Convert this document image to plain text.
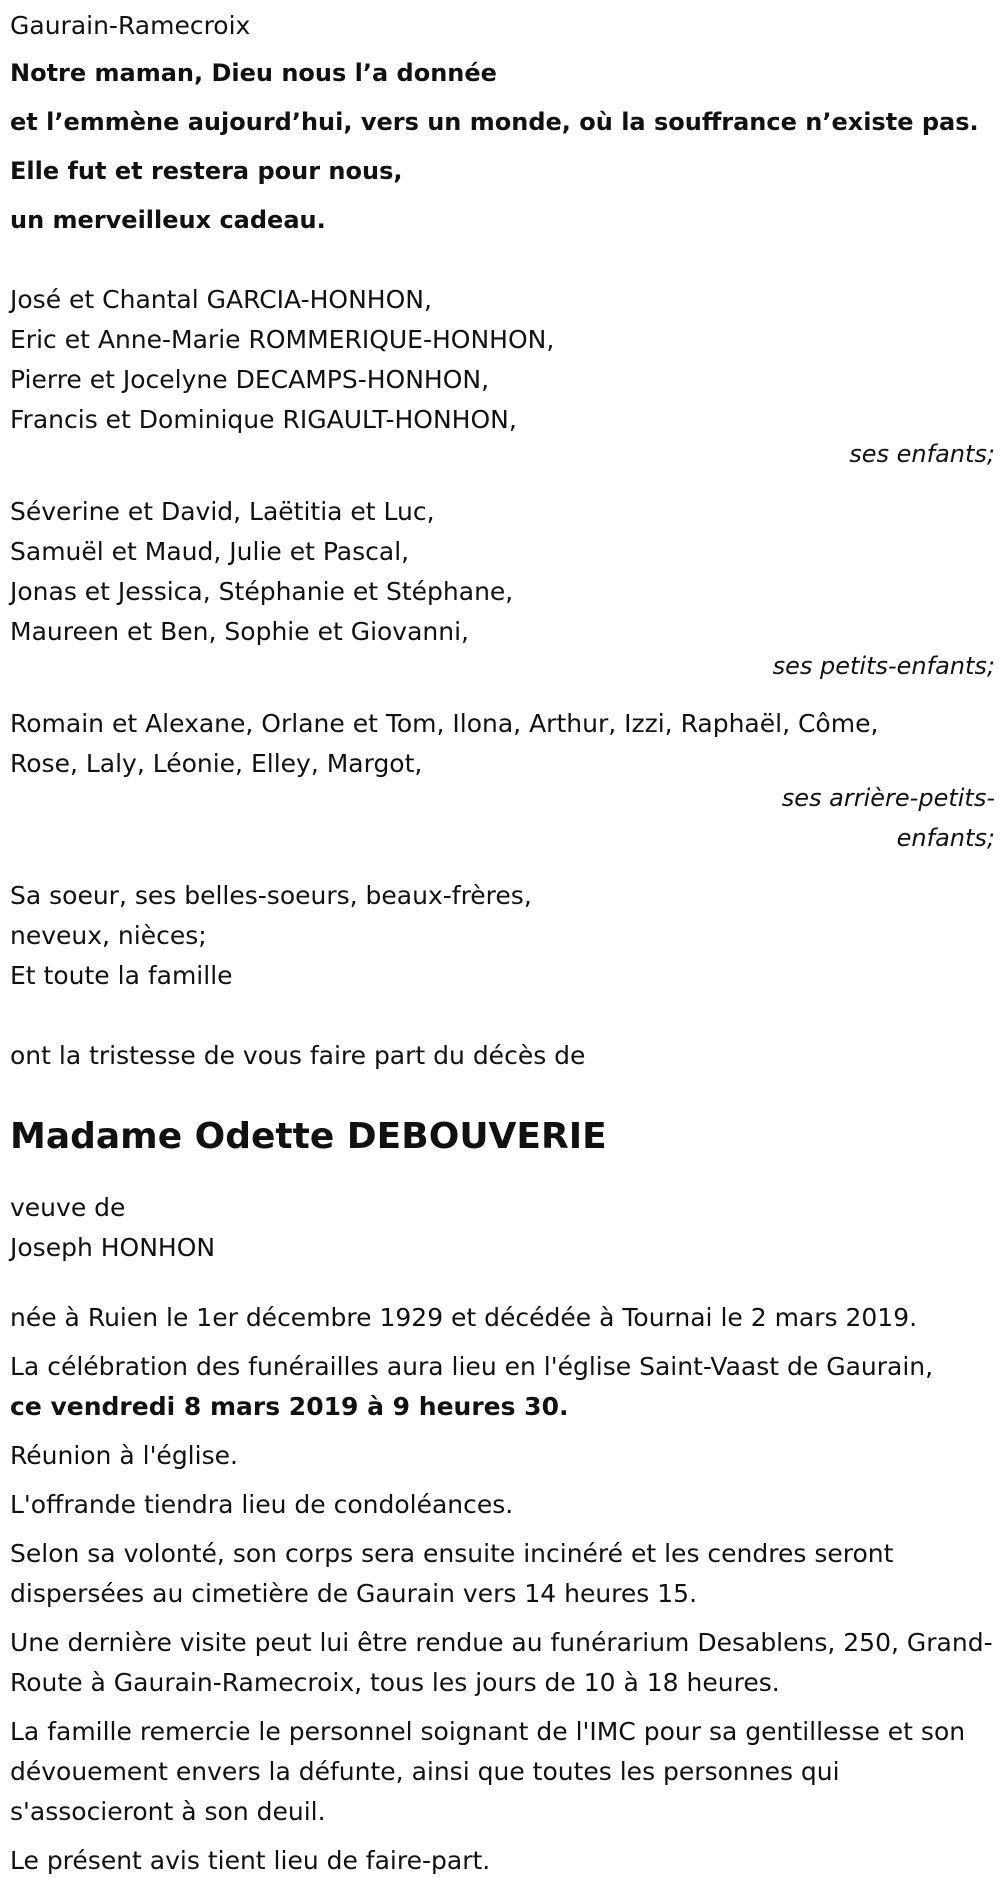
Gaurain-Ramecroix

Notre maman, Dieu nous l’a donnée

et l’emmène aujourd’hui, vers un monde, où la souffrance n’existe pas.

Elle fut et restera pour nous,

un merveilleux cadeau.

José et Chantal GARCIA-HONHON,

Eric et Anne-Marie ROMMERIQUE-HONHON,

Pierre et Jocelyne DECAMPS-HONHON,

Francis et Dominique RIGAULT-HONHON,

ses enfants;

Séverine et David, Laëtitia et Luc,

Samuël et Maud, Julie et Pascal,

Jonas et Jessica, Stéphanie et Stéphane,

Maureen et Ben, Sophie et Giovanni,

ses petits-enfants;

Romain et Alexane, Orlane et Tom, Ilona, Arthur, Izzi, Raphaël, Côme,

Rose, Laly, Léonie, Elley, Margot,

ses arrière-petits-enfants;

Sa soeur, ses belles-soeurs, beaux-frères,

neveux, nièces;

Et toute la famille

ont la tristesse de vous faire part du décès de

Madame Odette DEBOUVERIE

veuve de

Joseph HONHON

née à Ruien le 1er décembre 1929 et décédée à Tournai le 2 mars 2019.

La célébration des funérailles aura lieu en l'église Saint-Vaast de Gaurain,

ce vendredi 8 mars 2019 à 9 heures 30.

Réunion à l'église.

L'offrande tiendra lieu de condoléances.

Selon sa volonté, son corps sera ensuite incinéré et les cendres seront dispersées au cimetière de Gaurain vers 14 heures 15.

Une dernière visite peut lui être rendue au funérarium Desablens, 250, Grand-Route à Gaurain-Ramecroix, tous les jours de 10 à 18 heures.

La famille remercie le personnel soignant de l'IMC pour sa gentillesse et son dévouement envers la défunte, ainsi que toutes les personnes qui s'associeront à son deuil.

Le présent avis tient lieu de faire-part.
